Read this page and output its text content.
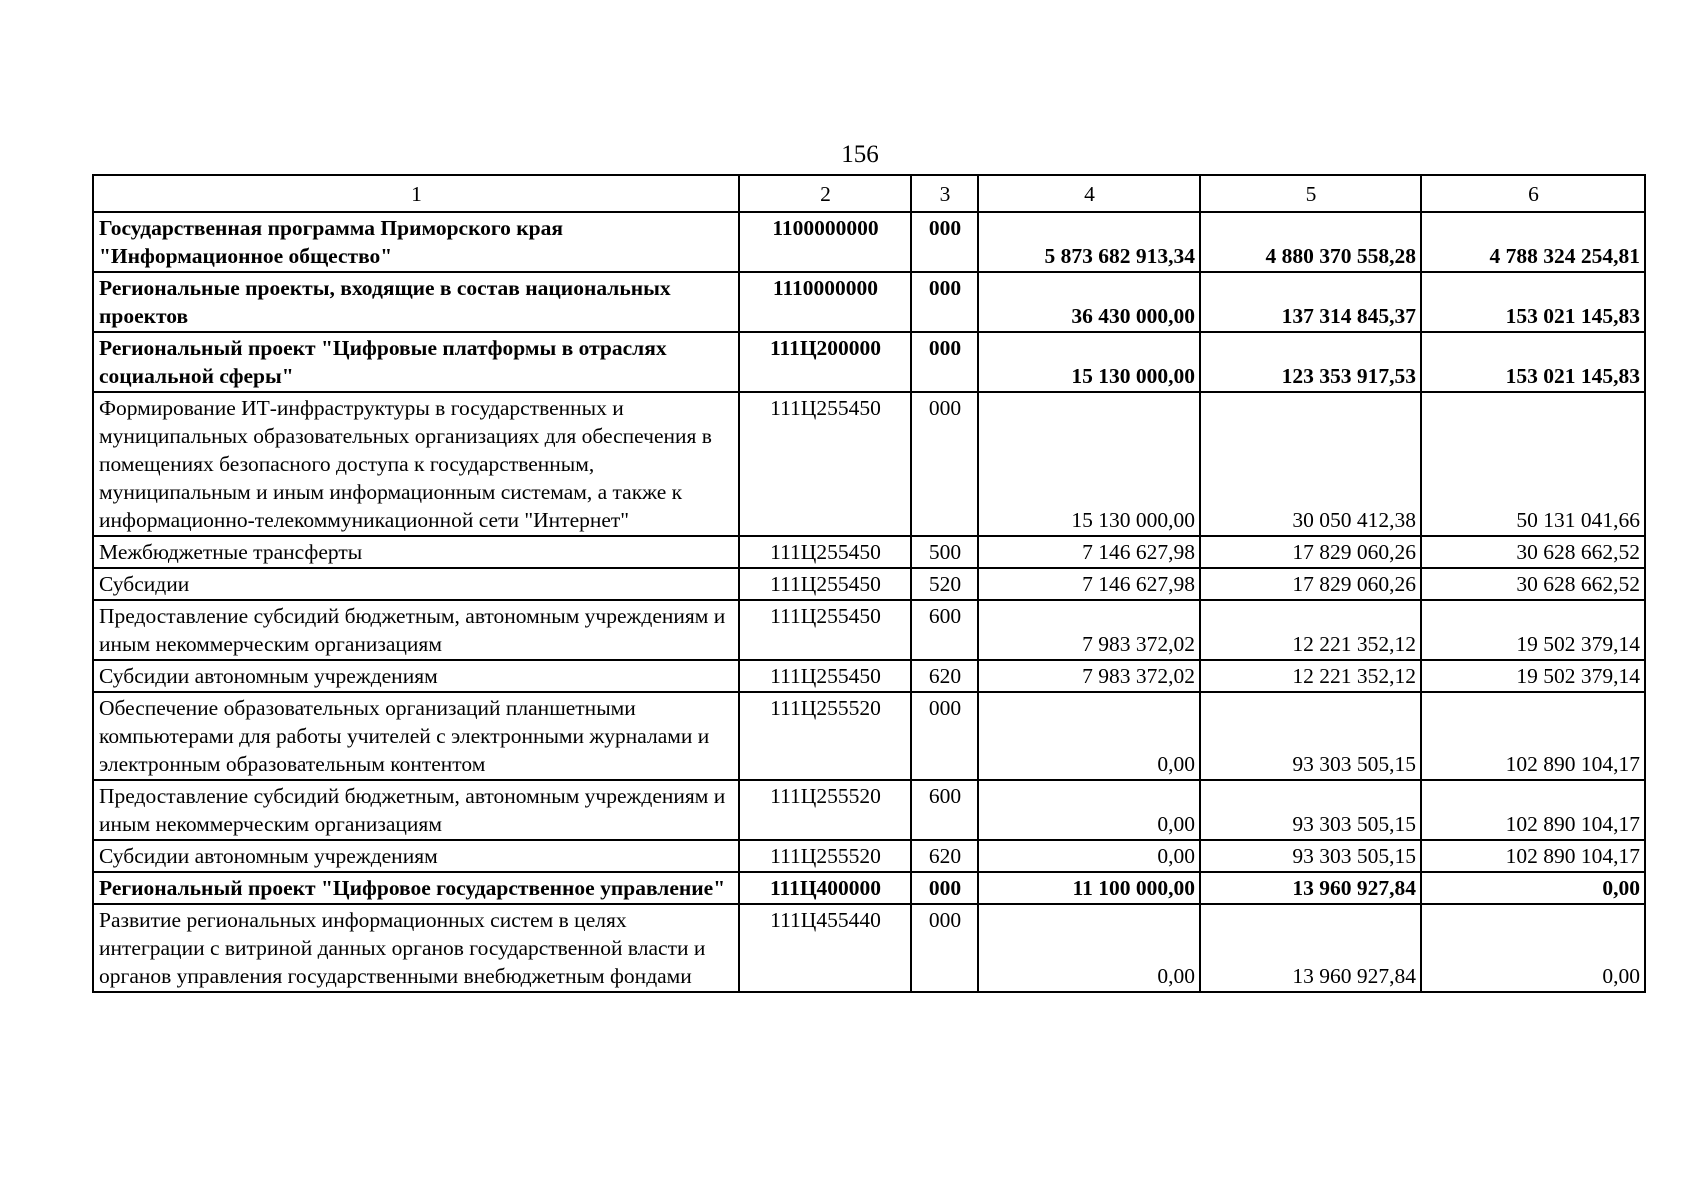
156
1	2	3	4	5	6
Государственная программа Приморского края "Информационное общество"	1100000000	000	5 873 682 913,34	4 880 370 558,28	4 788 324 254,81
Региональные проекты, входящие в состав национальных проектов	1110000000	000	36 430 000,00	137 314 845,37	153 021 145,83
Региональный проект "Цифровые платформы в отраслях социальной сферы"	111Ц200000	000	15 130 000,00	123 353 917,53	153 021 145,83
Формирование ИТ-инфраструктуры в государственных и муниципальных образовательных организациях для обеспечения в помещениях безопасного доступа к государственным, муниципальным и иным информационным системам, а также к информационно-телекоммуникационной сети "Интернет"	111Ц255450	000	15 130 000,00	30 050 412,38	50 131 041,66
Межбюджетные трансферты	111Ц255450	500	7 146 627,98	17 829 060,26	30 628 662,52
Субсидии	111Ц255450	520	7 146 627,98	17 829 060,26	30 628 662,52
Предоставление субсидий бюджетным, автономным учреждениям и иным некоммерческим организациям	111Ц255450	600	7 983 372,02	12 221 352,12	19 502 379,14
Субсидии автономным учреждениям	111Ц255450	620	7 983 372,02	12 221 352,12	19 502 379,14
Обеспечение образовательных организаций планшетными компьютерами для работы учителей с электронными журналами и электронным образовательным контентом	111Ц255520	000	0,00	93 303 505,15	102 890 104,17
Предоставление субсидий бюджетным, автономным учреждениям и иным некоммерческим организациям	111Ц255520	600	0,00	93 303 505,15	102 890 104,17
Субсидии автономным учреждениям	111Ц255520	620	0,00	93 303 505,15	102 890 104,17
Региональный проект "Цифровое государственное управление"	111Ц400000	000	11 100 000,00	13 960 927,84	0,00
Развитие региональных информационных систем в целях интеграции с витриной данных органов государственной власти и органов управления государственными внебюджетным фондами	111Ц455440	000	0,00	13 960 927,84	0,00
